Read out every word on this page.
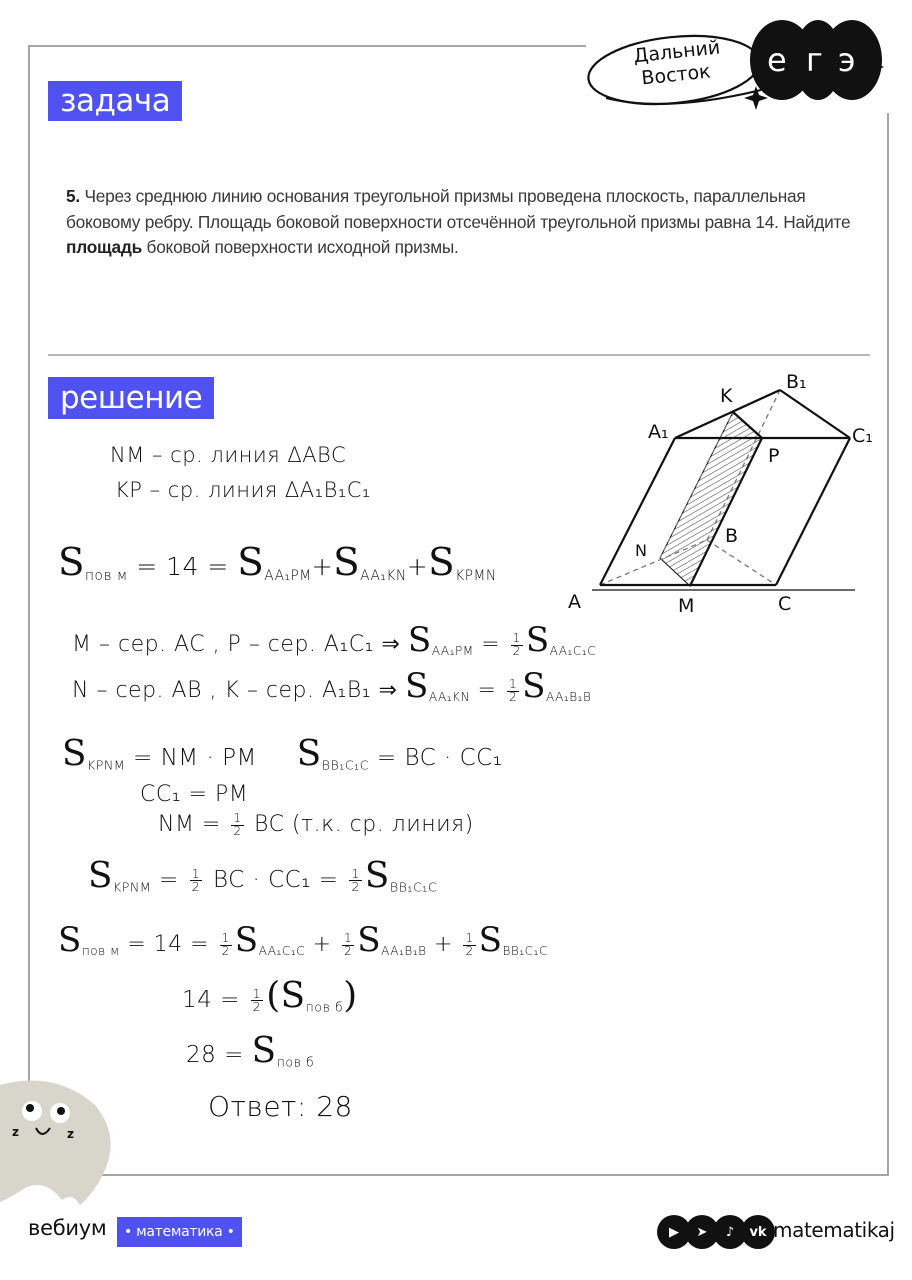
Дальний
Восток е г э
задача
5. Через среднюю линию основания треугольной призмы проведена плоскость, параллельная боковому ребру. Площадь боковой поверхности отсечённой треугольной призмы равна 14. Найдите площадь боковой поверхности исходной призмы.
решение
NM – ср. линия ΔABC
KP – ср. линия ΔA₁B₁C₁
$S_{пов м} = 14 = S_{AA_1PM}+S_{AA_1KN}+S_{KPMN}$
M – сер. AC , P – сер. A₁C₁ ⇒ $S_{AA_1PM} = \frac{1}{2} S_{AA_1C_1C}$
N – сер. AB , K – сер. A₁B₁ ⇒ $S_{AA_1KN} = \frac{1}{2} S_{AA_1B_1B}$
$S_{KPNM}$ = NM · PM $S_{BB_1C_1C}$ = BC · CC₁
CC₁ = PM
NM = $\frac{1}{2}$ BC (т.к. ср. линия)
$S_{KPNM} = \frac{1}{2}$ BC · $CC_1 = \frac{1}{2} S_{BB_1C_1C}$
$S_{пов м} = 14 = \frac{1}{2} S_{AA_1C_1C} + \frac{1}{2} S_{AA_1B_1B} + \frac{1}{2} S_{BB_1C_1C}$
$14 = \frac{1}{2} (S_{пов б})$
$28 = S_{пов б}$
Ответ: 28
A	M	C
N
B
A₁
K
B₁
C₁
P
z	z
вебиум	• математика •	▶	➤	♪	vk matematikaj
